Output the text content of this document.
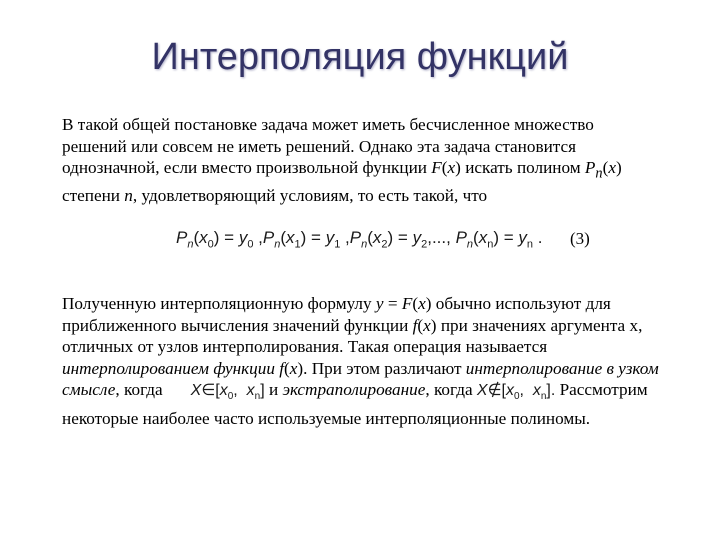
Интерполяция функций
В такой общей постановке задача может иметь бесчисленное множество решений или совсем не иметь решений. Однако эта задача становится однозначной, если вместо произвольной функции F(x) искать полином $P_n(x)$ степени n, удовлетворяющий условиям, то есть такой, что
$P_n(x_0) = y_0$ $,P_n(x_1) = y_1$ $,P_n(x_2) = y_2$,..., $P_n(x_n) = y_n$ . (3)
Полученную интерполяционную формулу y = F(x) обычно используют для приближенного вычисления значений функции f(x) при значениях аргумента х, отличных от узлов интерполирования. Такая операция называется интерполированием функции f(x). При этом различают интерполирование в узком смысле, когда $X\in[x_0$,  $x_n$] и экстраполирование, когда $X\notin[x_0$,  $x_n$]. Рассмотрим некоторые наиболее часто используемые интерполяционные полиномы.
